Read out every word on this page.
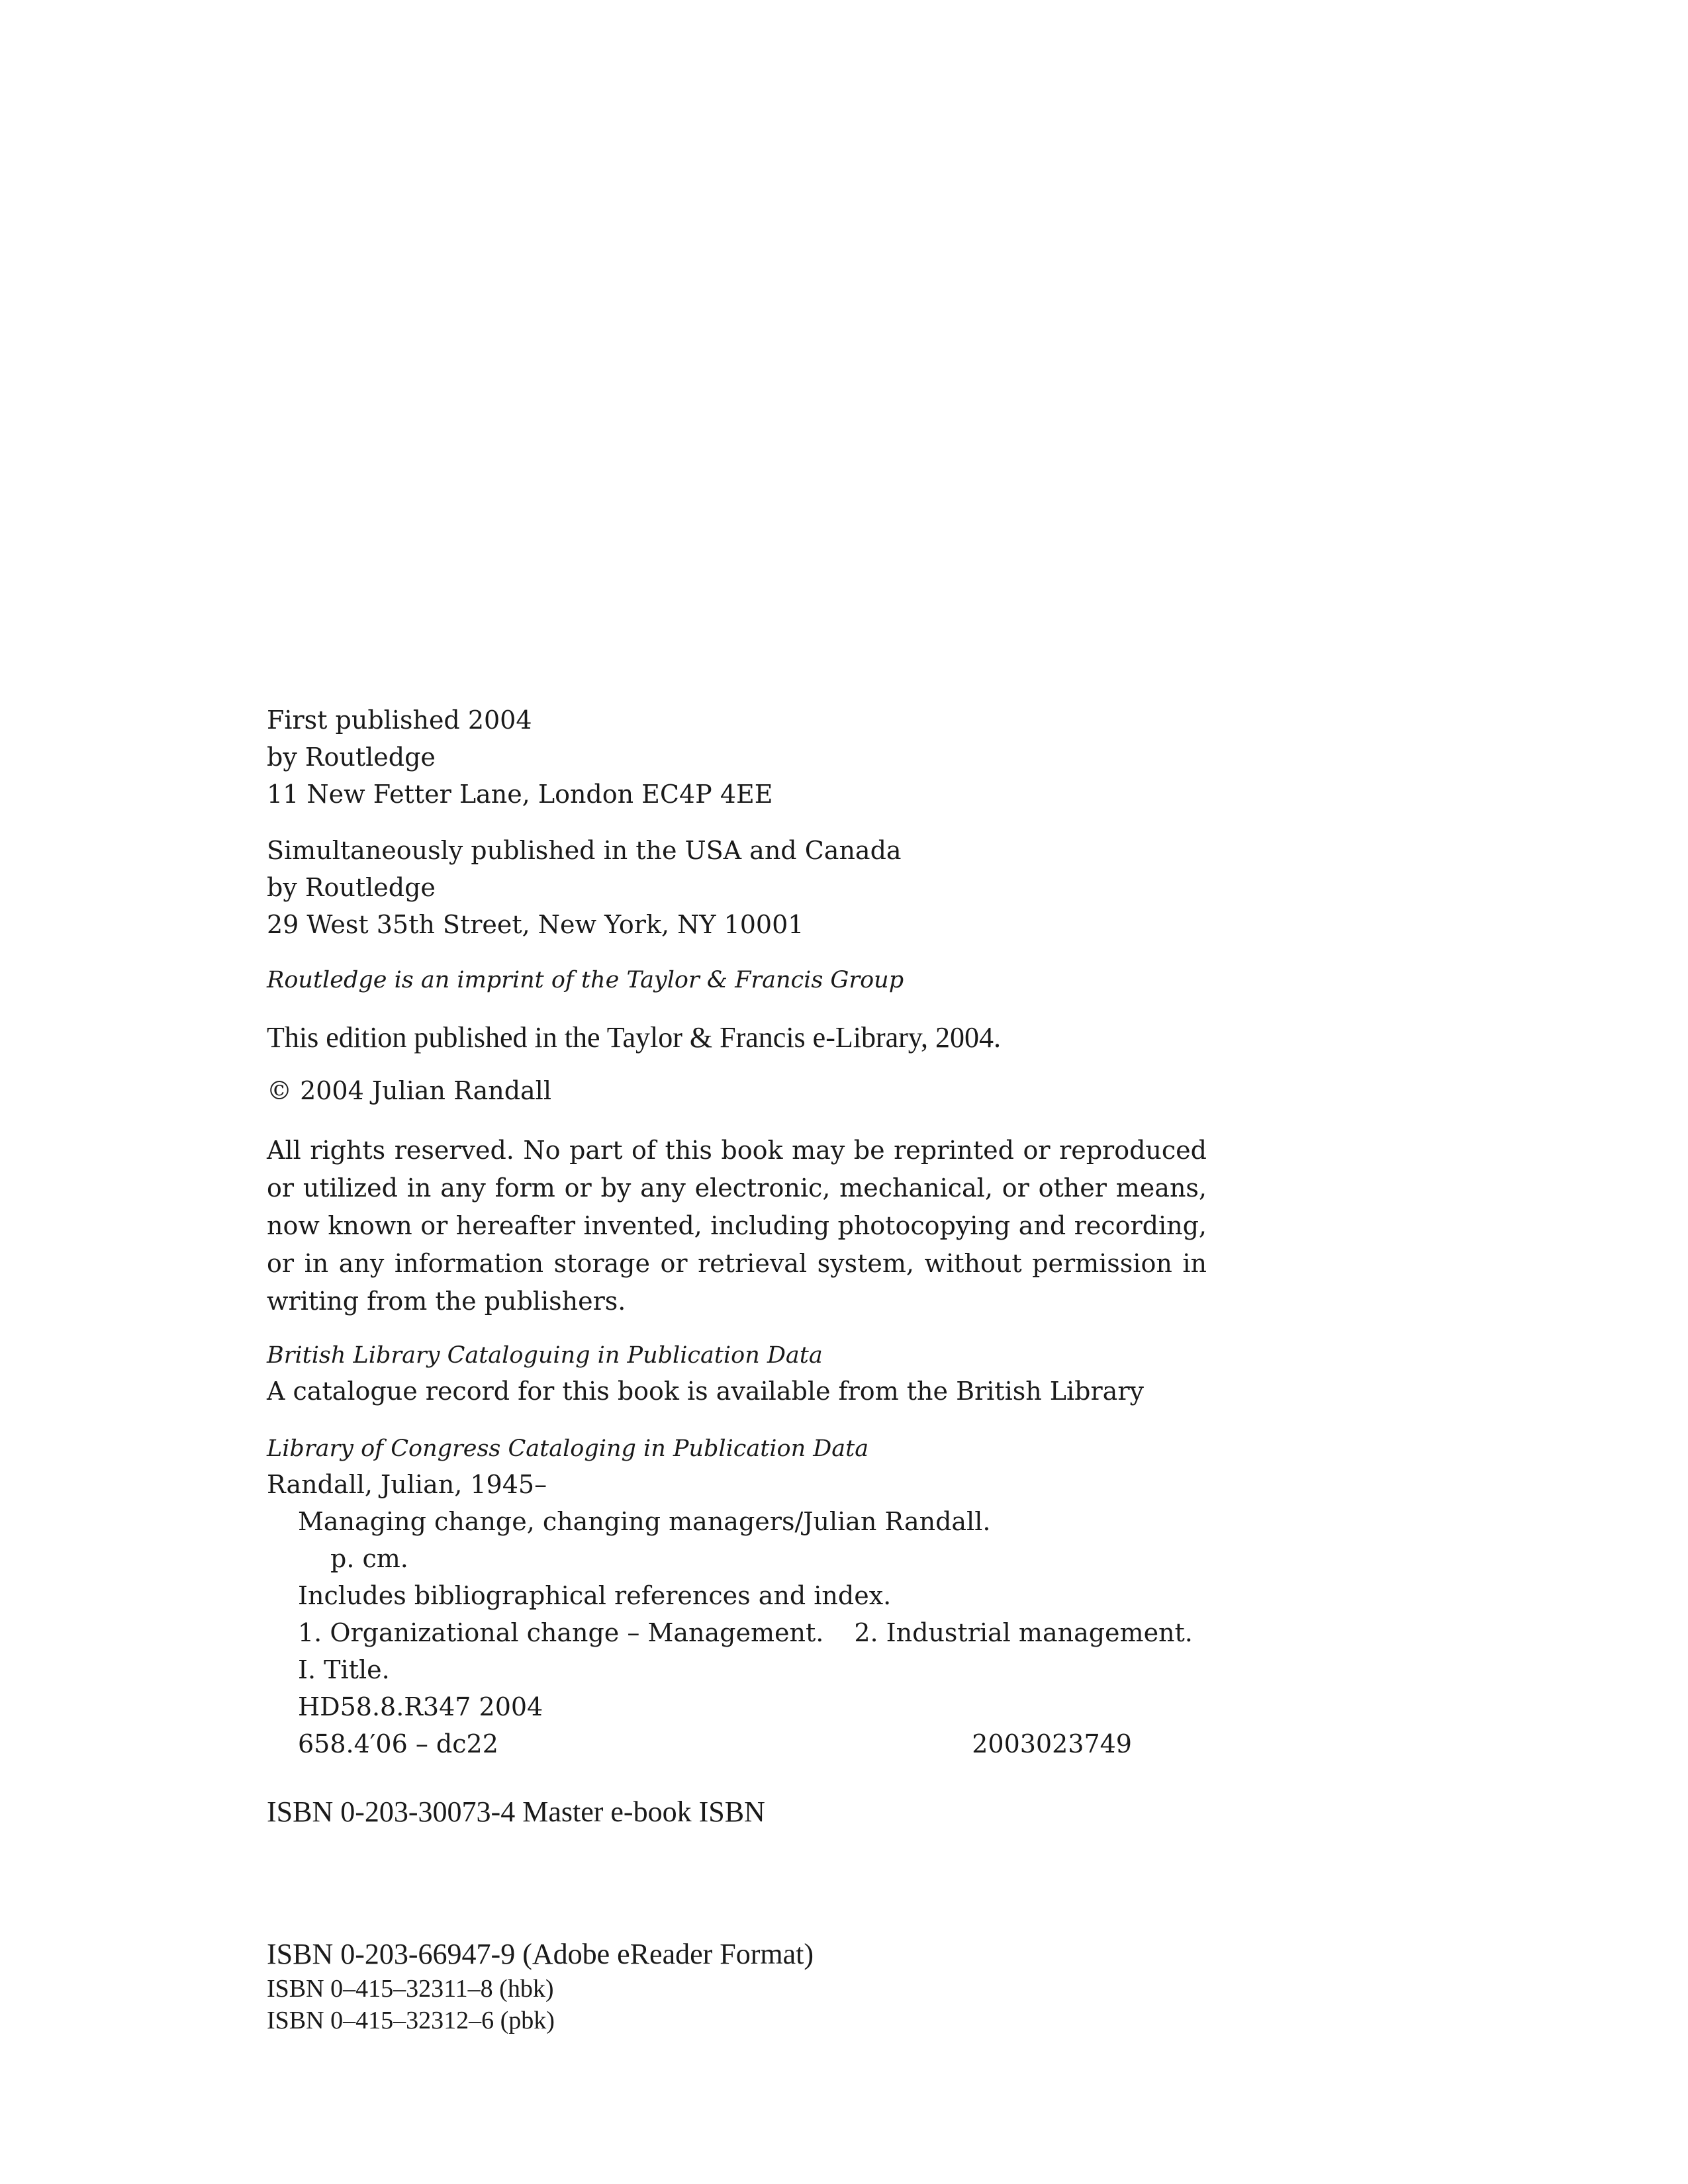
First published 2004
by Routledge
11 New Fetter Lane, London EC4P 4EE
Simultaneously published in the USA and Canada
by Routledge
29 West 35th Street, New York, NY 10001
Routledge is an imprint of the Taylor & Francis Group
This edition published in the Taylor & Francis e-Library, 2004.
© 2004 Julian Randall
All rights reserved. No part of this book may be reprinted or reproduced or utilized in any form or by any electronic, mechanical, or other means, now known or hereafter invented, including photocopying and recording, or in any information storage or retrieval system, without permission in writing from the publishers.
British Library Cataloguing in Publication Data
A catalogue record for this book is available from the British Library
Library of Congress Cataloging in Publication Data
Randall, Julian, 1945–
Managing change, changing managers/Julian Randall.
p. cm.
Includes bibliographical references and index.
1. Organizational change – Management. 2. Industrial management.
I. Title.
HD58.8.R347 2004
658.4′06 – dc22	2003023749
ISBN 0-203-30073-4 Master e-book ISBN
ISBN 0-203-66947-9 (Adobe eReader Format)
ISBN 0–415–32311–8 (hbk)
ISBN 0–415–32312–6 (pbk)
